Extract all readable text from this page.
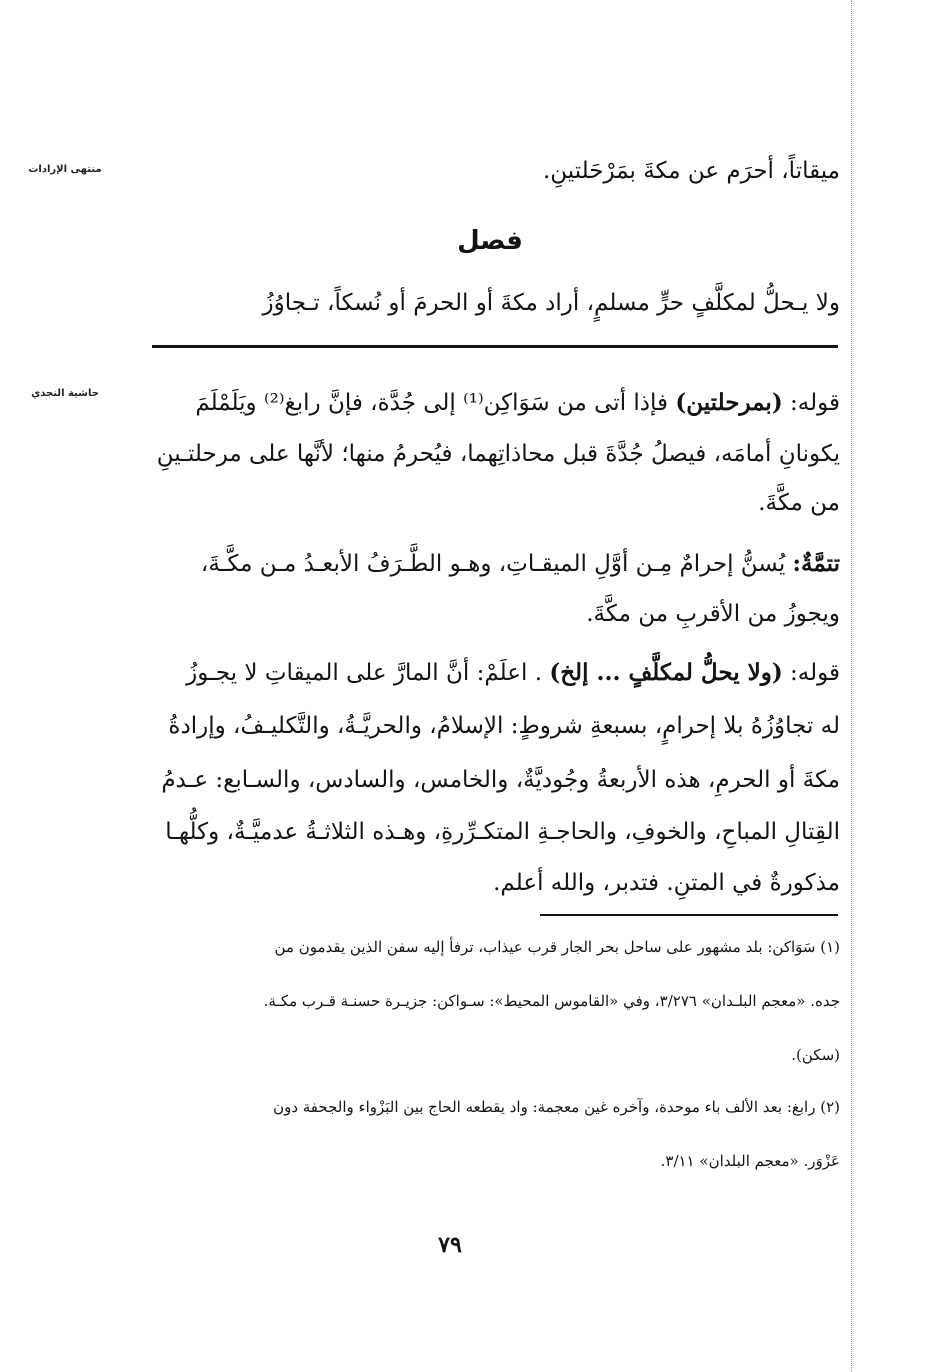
منتهى الإرادات
حاشية النجدي
ميقاتاً، أحرَم عن مكةَ بمَرْحَلتينِ.
فصل
ولا يـحلُّ لمكلَّفٍ حرٍّ مسلمٍ، أراد مكةَ أو الحرمَ أو نُسكاً، تـجاوُزُ
قوله: (بمرحلتين) فإذا أتى من سَوَاكِن⁽¹⁾ إلى جُدَّة، فإنَّ رابغ⁽²⁾ ويَلَمْلَمَ
يكونانِ أمامَه، فيصلُ جُدَّةَ قبل محاذاتِهما، فيُحرمُ منها؛ لأنَّها على مرحلتـينِ
من مكَّةَ.
تتمَّةٌ: يُسنُّ إحرامٌ مِـن أوَّلِ الميقـاتِ، وهـو الطَّـرَفُ الأبعـدُ مـن مكَّـةَ،
ويجوزُ من الأقربِ من مكَّةَ.
قوله: (ولا يحلُّ لمكلَّفٍ ... إلخ) . اعلَمْ: أنَّ المارَّ على الميقاتِ لا يجـوزُ
له تجاوُزُهُ بلا إحرامٍ، بسبعةِ شروطٍ: الإسلامُ، والحريَّـةُ، والتَّكليـفُ، وإرادةُ
مكةَ أو الحرمِ، هذه الأربعةُ وجُوديَّةٌ، والخامس، والسادس، والسـابع: عـدمُ
القِتالِ المباحِ، والخوفِ، والحاجـةِ المتكـرِّرةِ، وهـذه الثلاثـةُ عدميَّـةٌ، وكلُّهـا
مذكورةٌ في المتنِ. فتدبر، والله أعلم.
(١) سَوَاكن: بلد مشهور على ساحل بحر الجار قرب عيذاب، ترفأ إليه سفن الذين يقدمون من
جده. «معجم البلـدان» ٣/٢٧٦، وفي «القاموس المحيط»: سـواكن: جزيـرة حسنـة قـرب مكـة.
(سكن).
(٢) رابغ: بعد الألف باء موحدة، وآخره غين معجمة: واد يقطعه الحاج بين البَزْواء والجحفة دون
عَزْوَر. «معجم البلدان» ٣/١١.
٧٩
